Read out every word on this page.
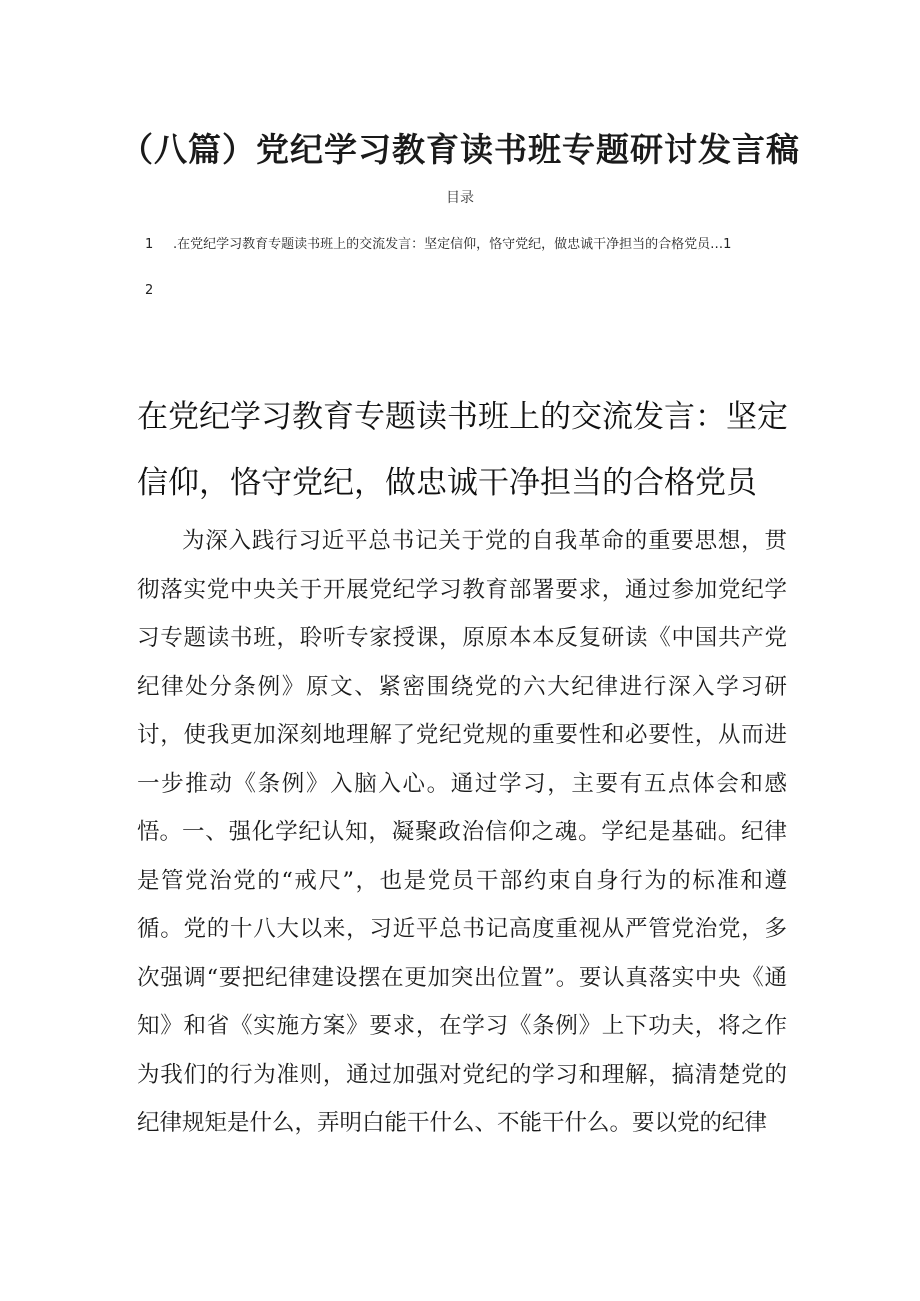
（八篇）党纪学习教育读书班专题研讨发言稿
目录
1 .在党纪学习教育专题读书班上的交流发言：坚定信仰，恪守党纪，做忠诚干净担当的合格党员…1
2
在党纪学习教育专题读书班上的交流发言：坚定信仰，恪守党纪，做忠诚干净担当的合格党员

为深入践行习近平总书记关于党的自我革命的重要思想，贯彻落实党中央关于开展党纪学习教育部署要求，通过参加党纪学习专题读书班，聆听专家授课，原原本本反复研读《中国共产党纪律处分条例》原文、紧密围绕党的六大纪律进行深入学习研讨，使我更加深刻地理解了党纪党规的重要性和必要性，从而进一步推动《条例》入脑入心。通过学习，主要有五点体会和感悟。 一、强化学纪认知，凝聚政治信仰之魂。学纪是基础。纪律是管党治党的“戒尺”，也是党员干部约束自身行为的标准和遵循。党的十八大以来，习近平总书记高度重视从严管党治党，多次强调“要把纪律建设摆在更加突出位置”。要认真落实中央《通知》和省《实施方案》要求，在学习《条例》上下功夫，将之作为我们的行为准则，通过加强对党纪的学习和理解，搞清楚党的纪律规矩是什么，弄明白能干什么、不能干什么。要以党的纪律
